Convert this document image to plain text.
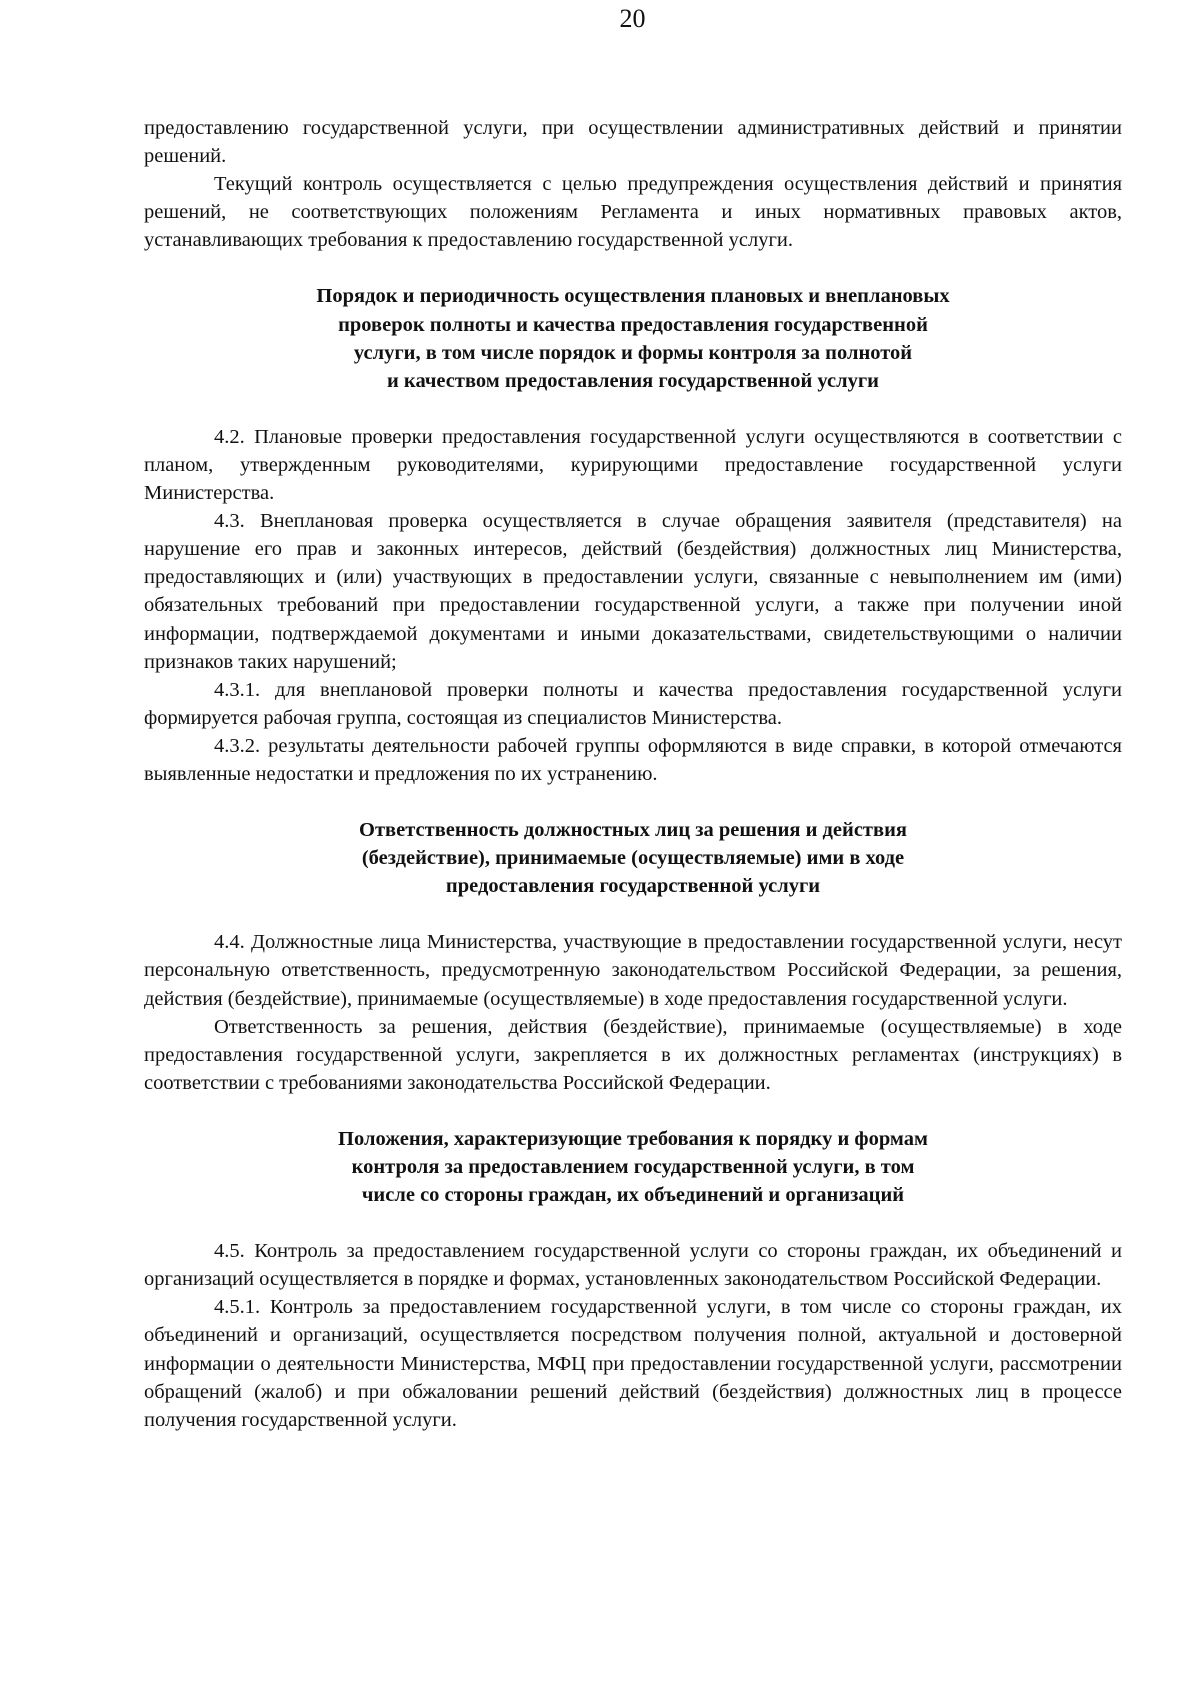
20

предоставлению государственной услуги, при осуществлении административных действий и принятии решений.

Текущий контроль осуществляется с целью предупреждения осуществления действий и принятия решений, не соответствующих положениям Регламента и иных нормативных правовых актов, устанавливающих требования к предоставлению государственной услуги.

Порядок и периодичность осуществления плановых и внеплановых
проверок полноты и качества предоставления государственной
услуги, в том числе порядок и формы контроля за полнотой
и качеством предоставления государственной услуги

4.2. Плановые проверки предоставления государственной услуги осуществляются в соответствии с планом, утвержденным руководителями, курирующими предоставление государственной услуги Министерства.

4.3. Внеплановая проверка осуществляется в случае обращения заявителя (представителя) на нарушение его прав и законных интересов, действий (бездействия) должностных лиц Министерства, предоставляющих и (или) участвующих в предоставлении услуги, связанные с невыполнением им (ими) обязательных требований при предоставлении государственной услуги, а также при получении иной информации, подтверждаемой документами и иными доказательствами, свидетельствующими о наличии признаков таких нарушений;

4.3.1. для внеплановой проверки полноты и качества предоставления государственной услуги формируется рабочая группа, состоящая из специалистов Министерства.

4.3.2. результаты деятельности рабочей группы оформляются в виде справки, в которой отмечаются выявленные недостатки и предложения по их устранению.

Ответственность должностных лиц за решения и действия
(бездействие), принимаемые (осуществляемые) ими в ходе
предоставления государственной услуги

4.4. Должностные лица Министерства, участвующие в предоставлении государственной услуги, несут персональную ответственность, предусмотренную законодательством Российской Федерации, за решения, действия (бездействие), принимаемые (осуществляемые) в ходе предоставления государственной услуги.

Ответственность за решения, действия (бездействие), принимаемые (осуществляемые) в ходе предоставления государственной услуги, закрепляется в их должностных регламентах (инструкциях) в соответствии с требованиями законодательства Российской Федерации.

Положения, характеризующие требования к порядку и формам
контроля за предоставлением государственной услуги, в том
числе со стороны граждан, их объединений и организаций

4.5. Контроль за предоставлением государственной услуги со стороны граждан, их объединений и организаций осуществляется в порядке и формах, установленных законодательством Российской Федерации.

4.5.1. Контроль за предоставлением государственной услуги, в том числе со стороны граждан, их объединений и организаций, осуществляется посредством получения полной, актуальной и достоверной информации о деятельности Министерства, МФЦ при предоставлении государственной услуги, рассмотрении обращений (жалоб) и при обжаловании решений действий (бездействия) должностных лиц в процессе получения государственной услуги.
